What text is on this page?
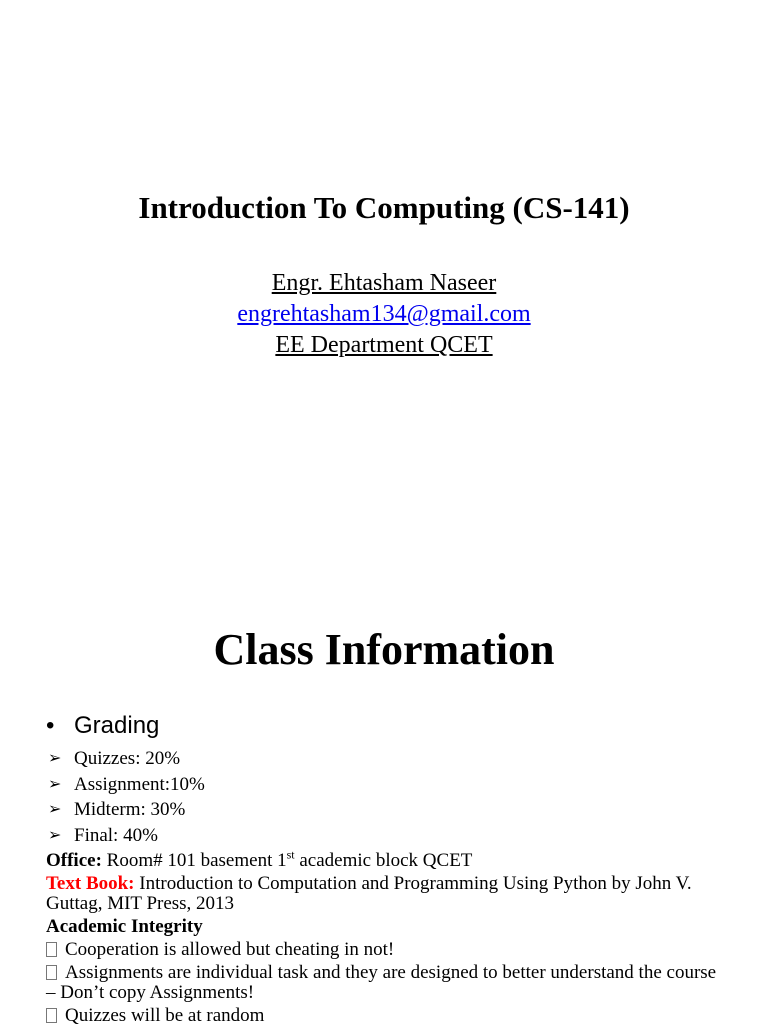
Introduction To Computing (CS-141)
Engr. Ehtasham Naseer
engrehtasham134@gmail.com
EE Department QCET
Class Information
• Grading
➢ Quizzes: 20%
➢ Assignment:10%
➢ Midterm: 30%
➢ Final: 40%
Office: Room# 101 basement 1st academic block QCET
Text Book: Introduction to Computation and Programming Using Python by John V. Guttag, MIT Press, 2013
Academic Integrity
Cooperation is allowed but cheating in not!
Assignments are individual task and they are designed to better understand the course – Don’t copy Assignments!
Quizzes will be at random
